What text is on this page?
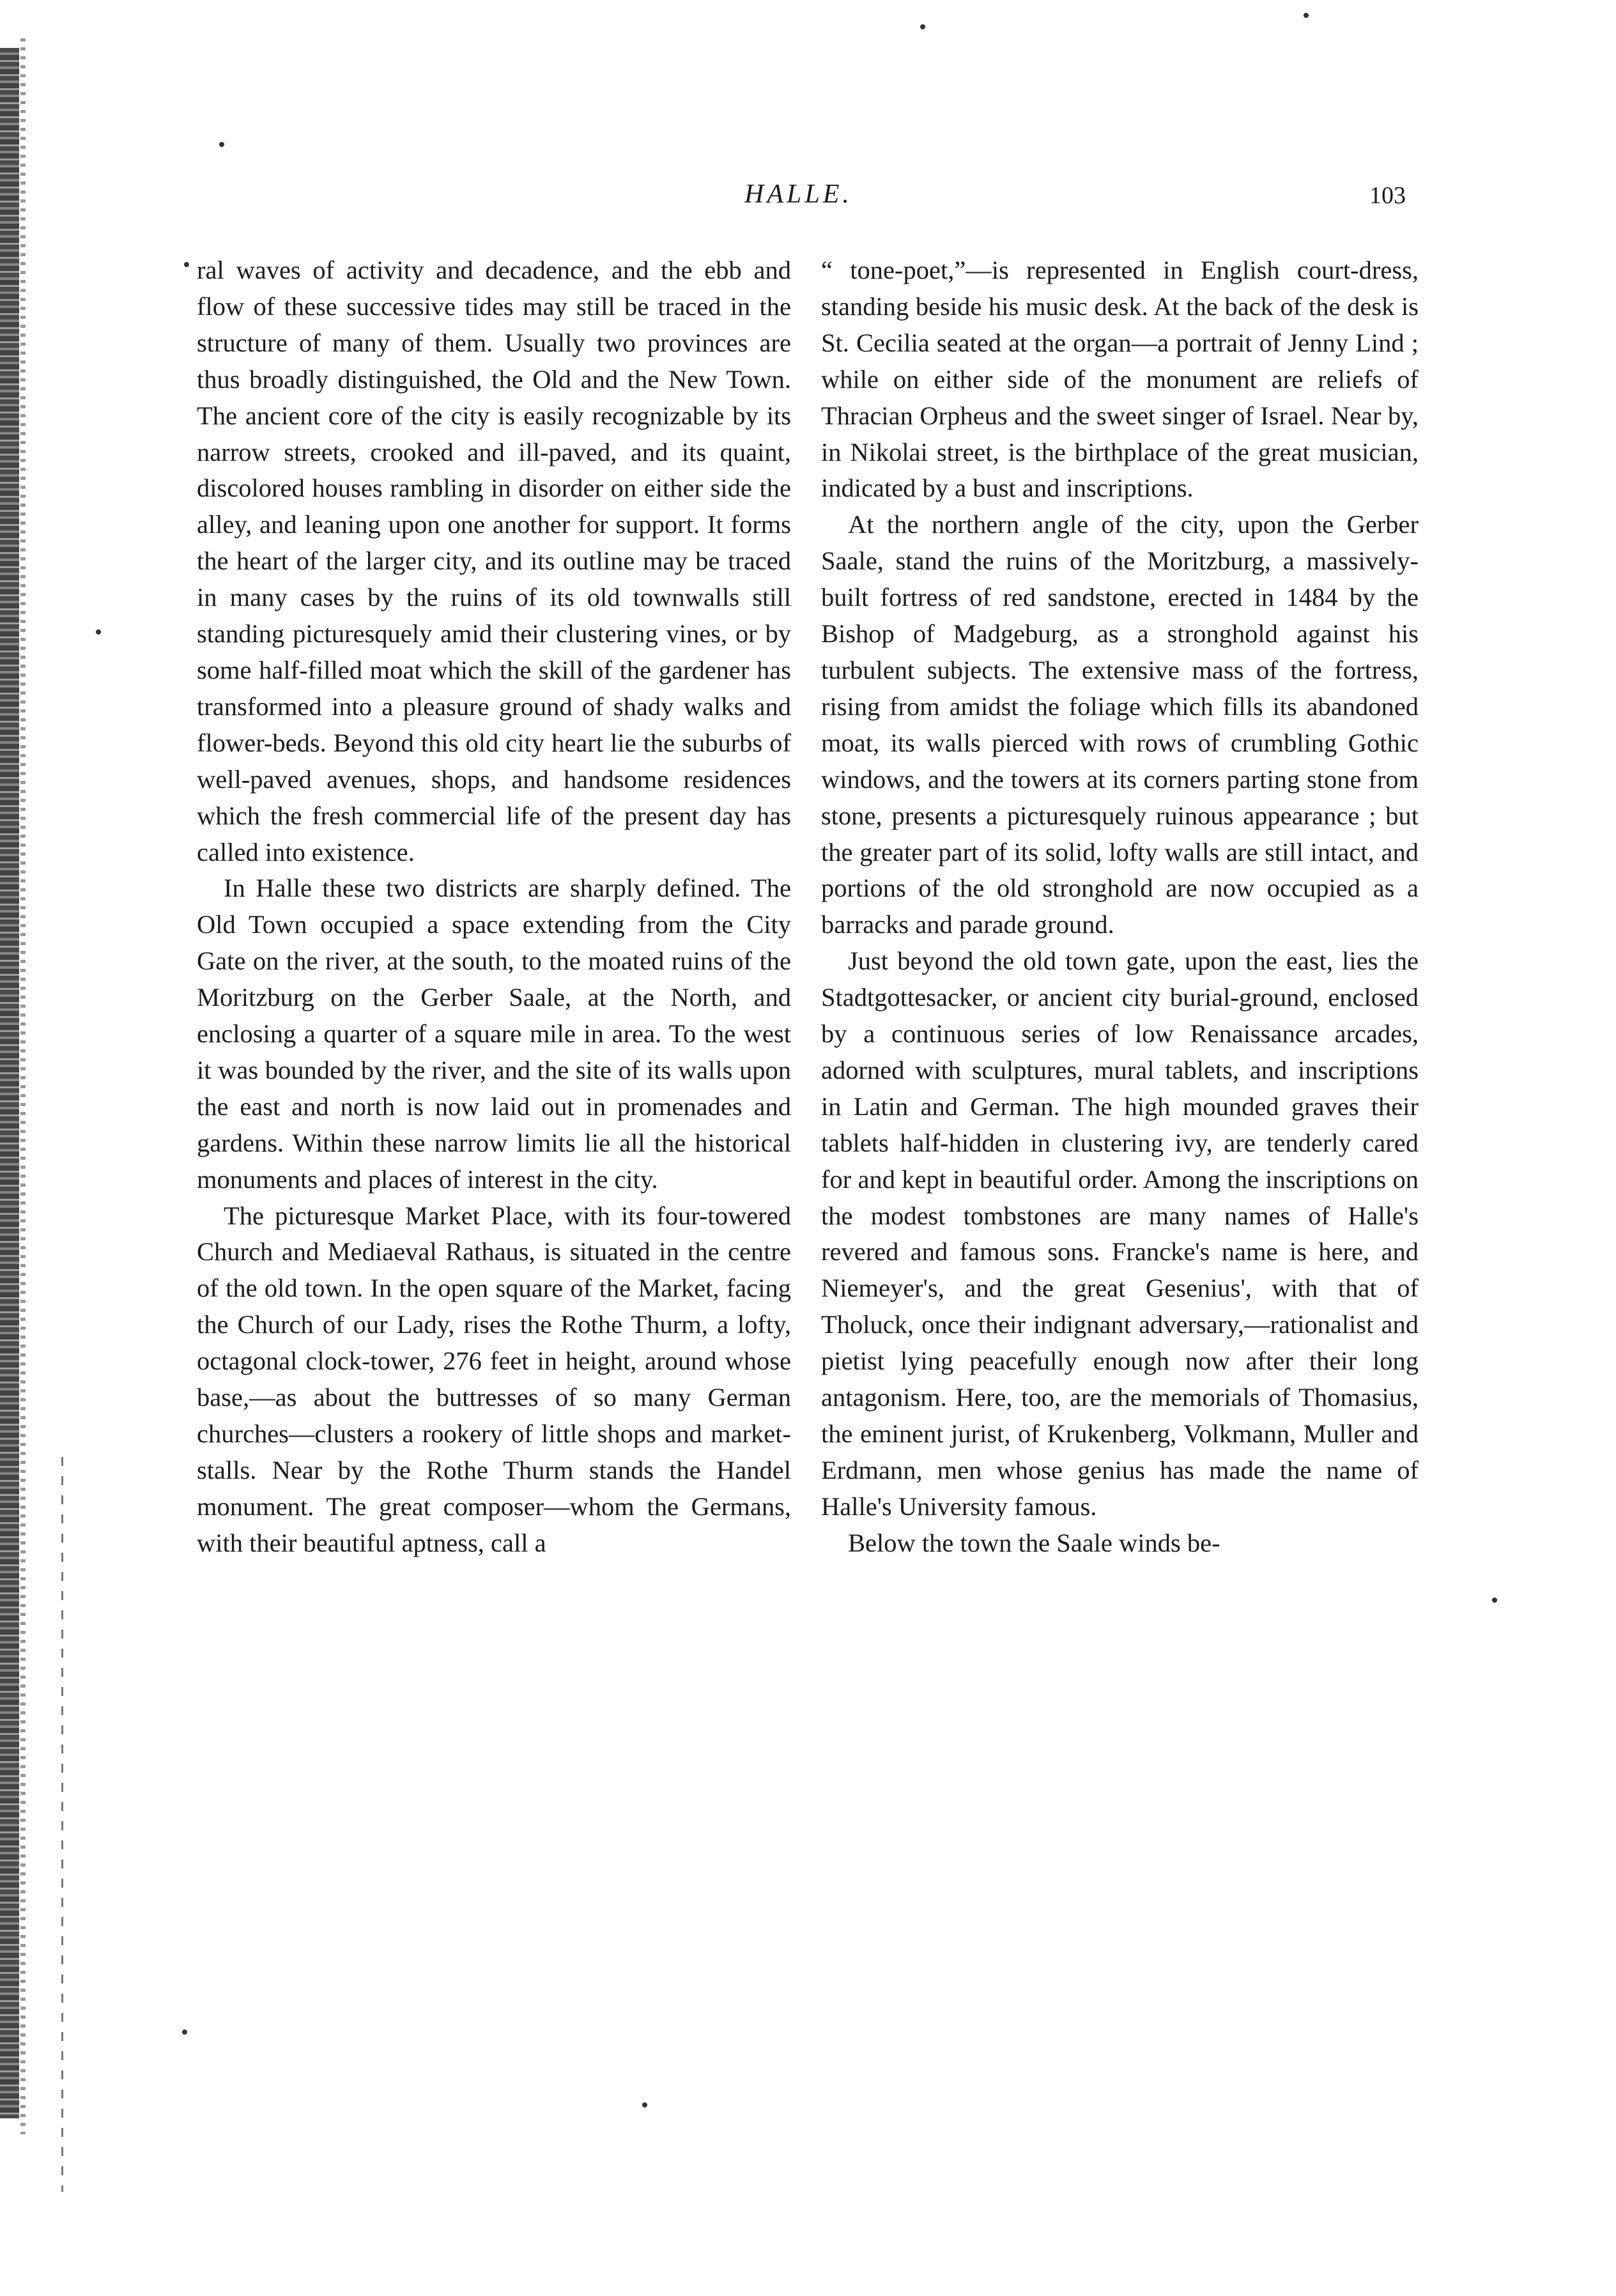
HALLE.	103

ral waves of activity and decadence, and the ebb and flow of these successive tides may still be traced in the structure of many of them. Usually two provinces are thus broadly distinguished, the Old and the New Town. The ancient core of the city is easily recognizable by its narrow streets, crooked and ill-paved, and its quaint, discolored houses rambling in disorder on either side the alley, and leaning upon one another for support. It forms the heart of the larger city, and its outline may be traced in many cases by the ruins of its old townwalls still standing picturesquely amid their clustering vines, or by some half-filled moat which the skill of the gardener has transformed into a pleasure ground of shady walks and flower-beds. Beyond this old city heart lie the suburbs of well-paved avenues, shops, and handsome residences which the fresh commercial life of the present day has called into existence.

In Halle these two districts are sharply defined. The Old Town occupied a space extending from the City Gate on the river, at the south, to the moated ruins of the Moritzburg on the Gerber Saale, at the North, and enclosing a quarter of a square mile in area. To the west it was bounded by the river, and the site of its walls upon the east and north is now laid out in promenades and gardens. Within these narrow limits lie all the historical monuments and places of interest in the city.

The picturesque Market Place, with its four-towered Church and Mediaeval Rathaus, is situated in the centre of the old town. In the open square of the Market, facing the Church of our Lady, rises the Rothe Thurm, a lofty, octagonal clock-tower, 276 feet in height, around whose base,—as about the buttresses of so many German churches—clusters a rookery of little shops and market-stalls. Near by the Rothe Thurm stands the Handel monument. The great composer—whom the Germans, with their beautiful aptness, call a

“ tone-poet,”—is represented in English court-dress, standing beside his music desk. At the back of the desk is St. Cecilia seated at the organ—a portrait of Jenny Lind ; while on either side of the monument are reliefs of Thracian Orpheus and the sweet singer of Israel. Near by, in Nikolai street, is the birthplace of the great musician, indicated by a bust and inscriptions.

At the northern angle of the city, upon the Gerber Saale, stand the ruins of the Moritzburg, a massively-built fortress of red sandstone, erected in 1484 by the Bishop of Madgeburg, as a stronghold against his turbulent subjects. The extensive mass of the fortress, rising from amidst the foliage which fills its abandoned moat, its walls pierced with rows of crumbling Gothic windows, and the towers at its corners parting stone from stone, presents a picturesquely ruinous appearance ; but the greater part of its solid, lofty walls are still intact, and portions of the old stronghold are now occupied as a barracks and parade ground.

Just beyond the old town gate, upon the east, lies the Stadtgottesacker, or ancient city burial-ground, enclosed by a continuous series of low Renaissance arcades, adorned with sculptures, mural tablets, and inscriptions in Latin and German. The high mounded graves their tablets half-hidden in clustering ivy, are tenderly cared for and kept in beautiful order. Among the inscriptions on the modest tombstones are many names of Halle's revered and famous sons. Francke's name is here, and Niemeyer's, and the great Gesenius', with that of Tholuck, once their indignant adversary,—rationalist and pietist lying peacefully enough now after their long antagonism. Here, too, are the memorials of Thomasius, the eminent jurist, of Krukenberg, Volkmann, Muller and Erdmann, men whose genius has made the name of Halle's University famous.

Below the town the Saale winds be-
